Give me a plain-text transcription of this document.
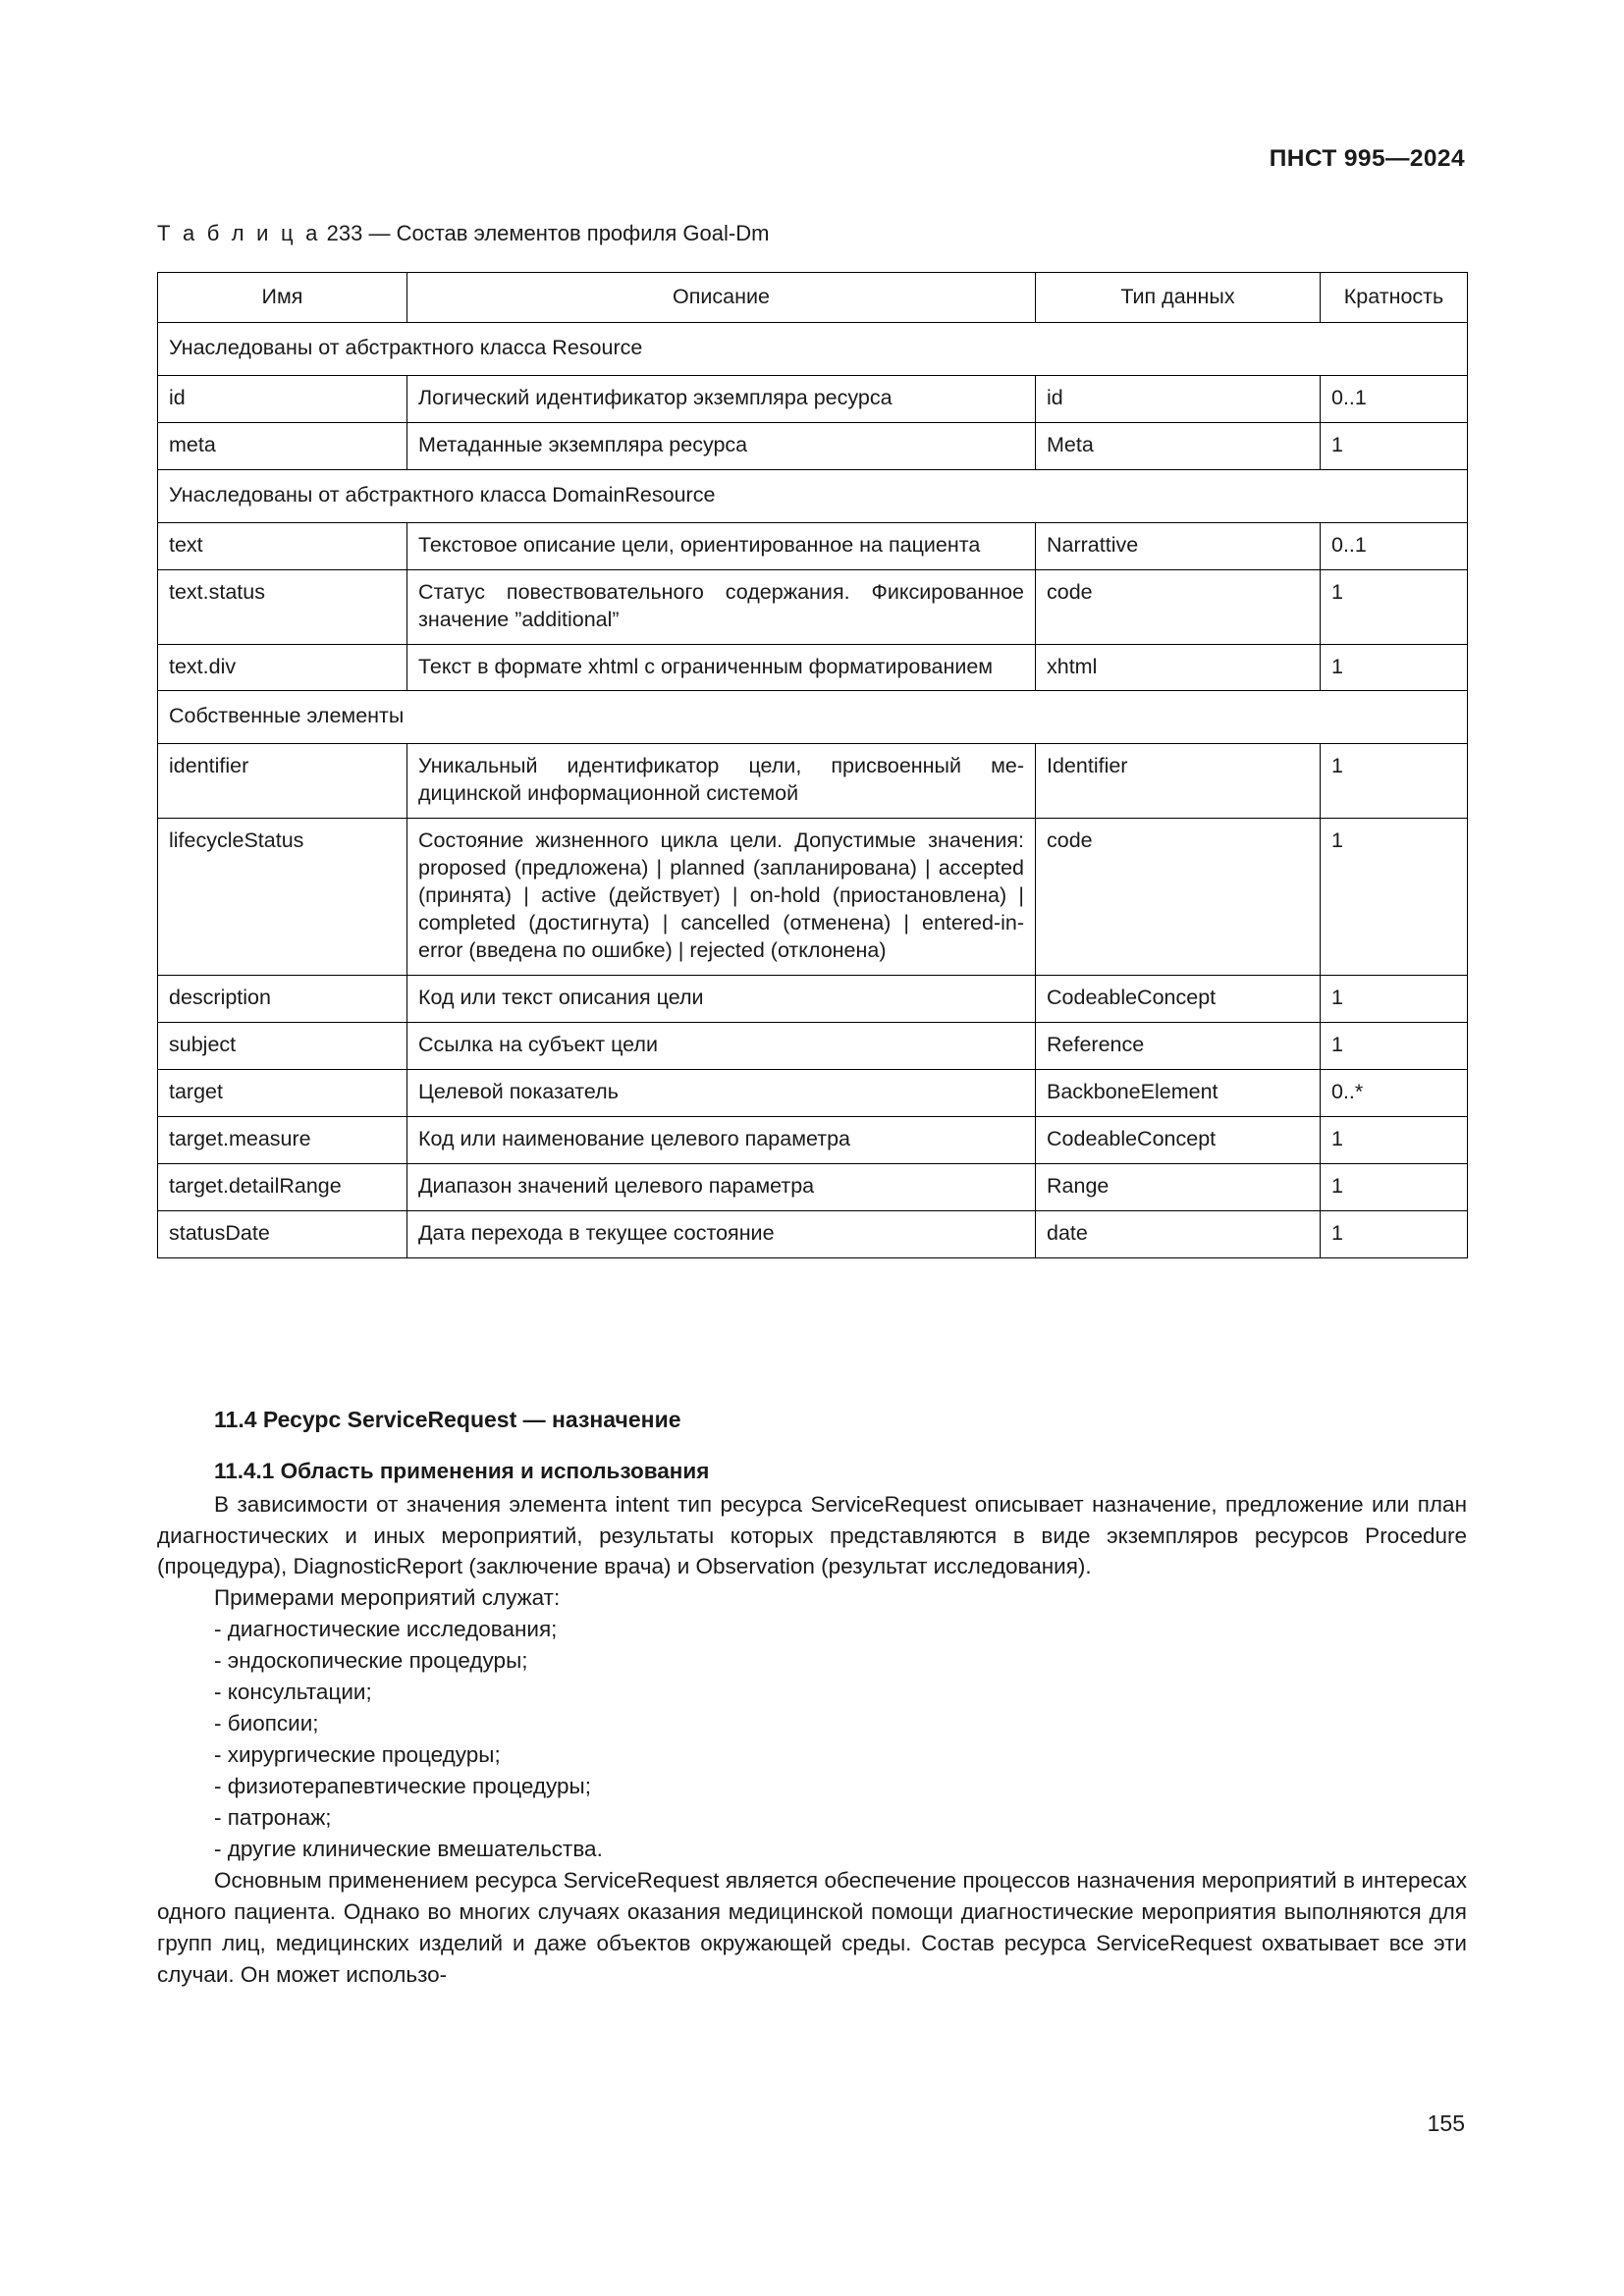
ПНСТ 995—2024
Т а б л и ц а 233 — Состав элементов профиля Goal-Dm
Имя	Описание	Тип данных	Кратность
Унаследованы от абстрактного класса Resource			
id	Логический идентификатор экземпляра ресурса	id	0..1
meta	Метаданные экземпляра ресурса	Meta	1
Унаследованы от абстрактного класса DomainResource			
text	Текстовое описание цели, ориентированное на пациента	Narrattive	0..1
text.status	Статус повествовательного содержания. Фиксированное значение ”additional”	code	1
text.div	Текст в формате xhtml с ограниченным форматированием	xhtml	1
Собственные элементы			
identifier	Уникальный идентификатор цели, присвоенный медицинской информационной системой	Identifier	1
lifecycleStatus	Состояние жизненного цикла цели. Допустимые значения: proposed (предложена) | planned (запланирована) | accepted (принята) | active (действует) | on-hold (приостановлена) | completed (достигнута) | cancelled (отменена) | entered-in-error (введена по ошибке) | rejected (отклонена)	code	1
description	Код или текст описания цели	CodeableConcept	1
subject	Ссылка на субъект цели	Reference	1
target	Целевой показатель	BackboneElement	0..*
target.measure	Код или наименование целевого параметра	CodeableConcept	1
target.detailRange	Диапазон значений целевого параметра	Range	1
statusDate	Дата перехода в текущее состояние	date	1
11.4 Ресурс ServiceRequest — назначение
11.4.1 Область применения и использования

В зависимости от значения элемента intent тип ресурса ServiceRequest описывает назначение, предложение или план диагностических и иных мероприятий, результаты которых представляются в виде экземпляров ресурсов Procedure (процедура), DiagnosticReport (заключение врача) и Observation (результат исследования).

Примерами мероприятий служат:

- диагностические исследования;
- эндоскопические процедуры;
- консультации;
- биопсии;
- хирургические процедуры;
- физиотерапевтические процедуры;
- патронаж;
- другие клинические вмешательства.

Основным применением ресурса ServiceRequest является обеспечение процессов назначения мероприятий в интересах одного пациента. Однако во многих случаях оказания медицинской помощи диагностические мероприятия выполняются для групп лиц, медицинских изделий и даже объектов окружающей среды. Состав ресурса ServiceRequest охватывает все эти случаи. Он может использо-

155
